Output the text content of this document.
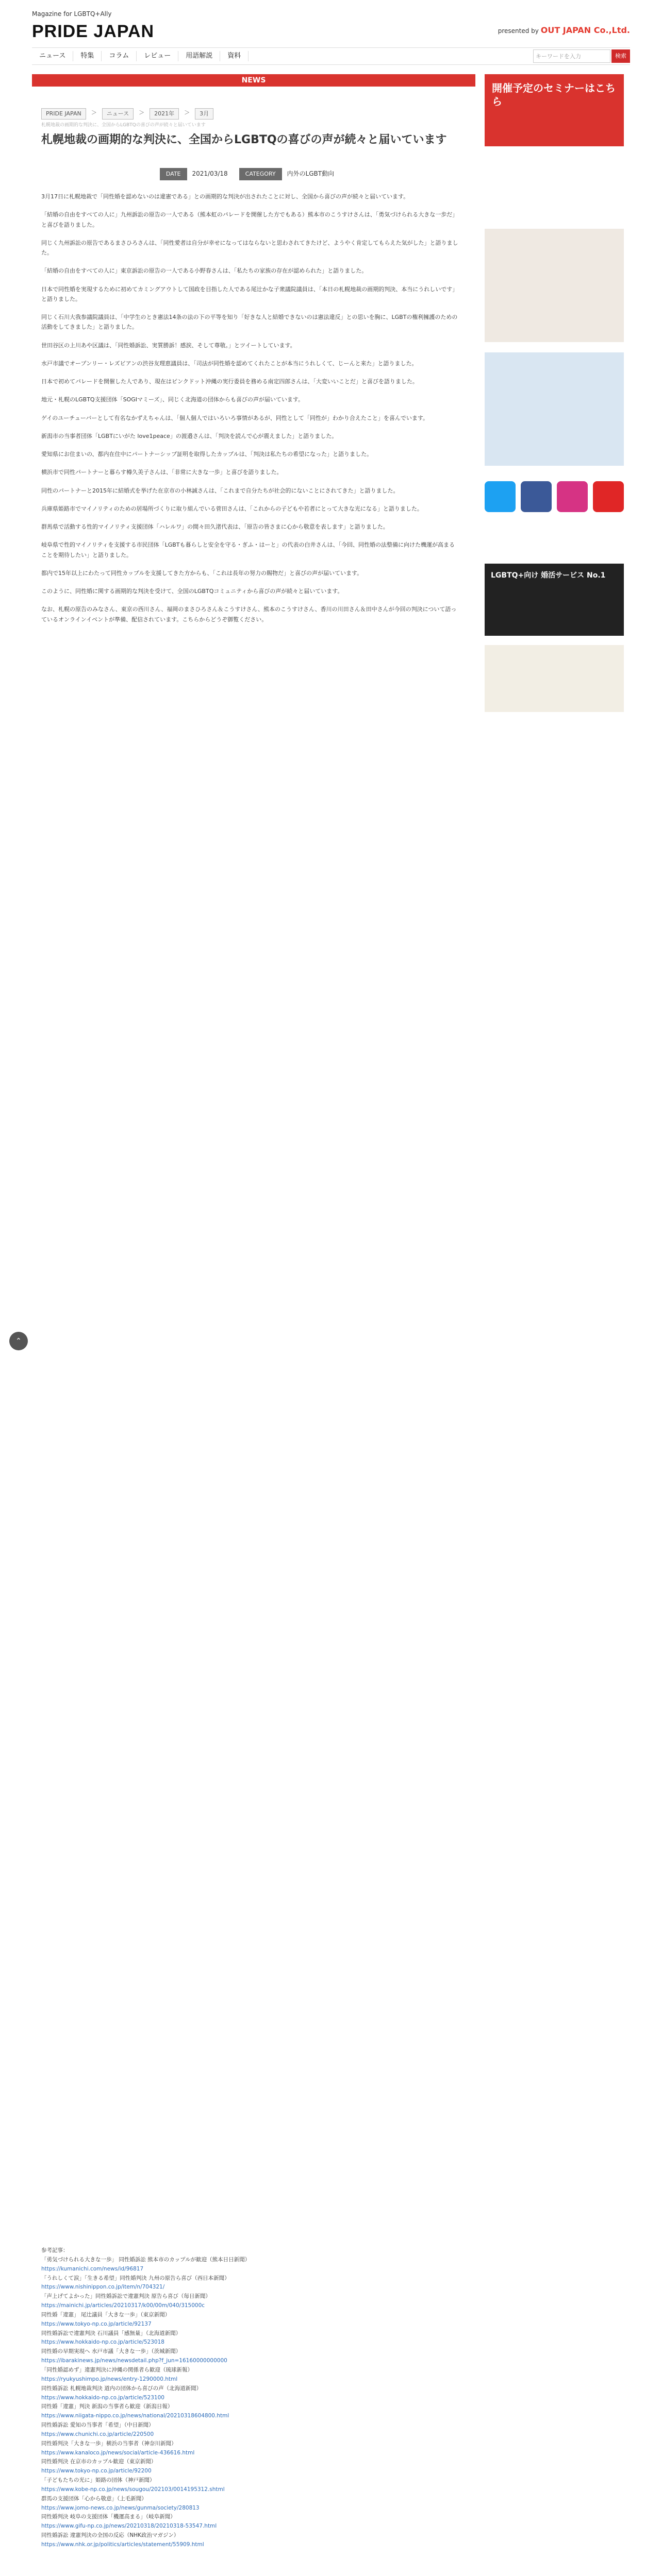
Magazine for LGBTQ+Ally
PRIDE JAPAN	presented by OUT JAPAN Co.,Ltd.
ニュース	特集	コラム	レビュー	用語解説	資料	キーワードを入力	検索
NEWS
PRIDE JAPAN	＞	ニュース	＞	2021年	＞	3月
札幌地裁の画期的な判決に、全国からLGBTQの喜びの声が続々と届いています
札幌地裁の画期的な判決に、全国からLGBTQの喜びの声が続々と届いています
DATE	2021/03/18	CATEGORY	内外のLGBT動向

3月17日に札幌地裁で「同性婚を認めないのは違憲である」との画期的な判決が出されたことに対し、全国から喜びの声が続々と届いています。

「結婚の自由をすべての人に」九州訴訟の原告の一人である（熊本虹のパレードを開催した方でもある）熊本市のこうすけさんは、「勇気づけられる大きな一歩だ」と喜びを語りました。

同じく九州訴訟の原告であるまさひろさんは、「同性愛者は自分が幸せになってはならないと思わされてきたけど、ようやく肯定してもらえた気がした」と語りました。

「結婚の自由をすべての人に」東京訴訟の原告の一人である小野春さんは、「私たちの家族の存在が認められた」と語りました。

日本で同性婚を実現するために初めてカミングアウトして国政を目指した人である尾辻かな子衆議院議員は、「本日の札幌地裁の画期的判決、本当にうれしいです」と語りました。

同じく石川大我参議院議員は、「中学生のとき憲法14条の法の下の平等を知り「好きな人と結婚できないのは憲法違反」との思いを胸に、LGBTの権利擁護のための活動をしてきました」と語りました。

世田谷区の上川あや区議は、「同性婚訴訟、実質勝訴！感涙、そして尊敬。」とツイートしています。

水戸市議でオープンリー・レズビアンの渋谷友理恵議員は、「司法が同性婚を認めてくれたことが本当にうれしくて、じーんと来た」と語りました。

日本で初めてパレードを開催した人であり、現在はピンクドット沖縄の実行委員を務める南定四郎さんは、「大変いいことだ」と喜びを語りました。

地元・札幌のLGBTQ支援団体「SOGIマミーズ」、同じく北海道の団体からも喜びの声が届いています。

ゲイのユーチューバーとして有名なかずえちゃんは、「個人個人ではいろいろ事情があるが、同性として「同性が」わかり合えたこと」を喜んでいます。

新潟市の当事者団体「LGBTにいがた love1peace」の渡邉さんは、「判決を読んで心が震えました」と語りました。

愛知県にお住まいの、都内在住中にパートナーシップ証明を取得したカップルは、「判決は私たちの希望になった」と語りました。

横浜市で同性パートナーと暮らす樽久美子さんは、「非常に大きな一歩」と喜びを語りました。

同性のパートナーと2015年に結婚式を挙げた在京市の小林誠さんは、「これまで自分たちが社会的にないことにされてきた」と語りました。

兵庫県姫路市でマイノリティのための居場所づくりに取り組んでいる菅田さんは、「これからの子どもや若者にとって大きな光になる」と語りました。

群馬県で活動する性的マイノリティ支援団体「ハレルワ」の間々田久渚代表は、「原告の皆さまに心から敬意を表します」と語りました。

岐阜県で性的マイノリティを支援する市民団体「LGBTも暮らしと安全を守る・ぎふ・はーと」の代表の白井さんは、「今回、同性婚の法整備に向けた機運が高まることを期待したい」と語りました。

都内で15年以上にわたって同性カップルを支援してきた方からも、「これは長年の努力の賜物だ」と喜びの声が届いています。

このように、同性婚に関する画期的な判決を受けて、全国のLGBTQコミュニティから喜びの声が続々と届いています。

なお、札幌の原告のみなさん、東京の西川さん、福岡のまさひろさん＆こうすけさん、熊本のこうすけさん、香川の川田さん＆田中さんが今回の判決について語っているオンラインイベントが準備、配信されています。こちらからどうぞ御覧ください。

参考記事：
「勇気づけられる大きな一歩」 同性婚訴訟 熊本市のカップルが歓迎（熊本日日新聞）
https://kumanichi.com/news/id/96817
「うれしくて涙」「生きる希望」同性婚判決 九州の原告ら喜び（西日本新聞）
https://www.nishinippon.co.jp/item/n/704321/
「声上げてよかった」同性婚訴訟で違憲判決 原告ら喜び（毎日新聞）
https://mainichi.jp/articles/20210317/k00/00m/040/315000c
同性婚「違憲」 尾辻議員「大きな一歩」（東京新聞）
https://www.tokyo-np.co.jp/article/92137
同性婚訴訟で違憲判決 石川議員「感無量」（北海道新聞）
https://www.hokkaido-np.co.jp/article/523018
同性婚の早期実現へ 水戸市議「大きな一歩」（茨城新聞）
https://ibarakinews.jp/news/newsdetail.php?f_jun=16160000000000
「同性婚認めず」違憲判決に沖縄の関係者ら歓迎（琉球新報）
https://ryukyushimpo.jp/news/entry-1290000.html
同性婚訴訟 札幌地裁判決 道内の団体から喜びの声（北海道新聞）
https://www.hokkaido-np.co.jp/article/523100
同性婚「違憲」判決 新潟の当事者ら歓迎（新潟日報）
https://www.niigata-nippo.co.jp/news/national/20210318604800.html
同性婚訴訟 愛知の当事者「希望」（中日新聞）
https://www.chunichi.co.jp/article/220500
同性婚判決「大きな一歩」横浜の当事者（神奈川新聞）
https://www.kanaloco.jp/news/social/article-436616.html
同性婚判決 在京市のカップル歓迎（東京新聞）
https://www.tokyo-np.co.jp/article/92200
「子どもたちの光に」姫路の団体（神戸新聞）
https://www.kobe-np.co.jp/news/sougou/202103/0014195312.shtml
群馬の支援団体「心から敬意」（上毛新聞）
https://www.jomo-news.co.jp/news/gunma/society/280813
同性婚判決 岐阜の支援団体「機運高まる」（岐阜新聞）
https://www.gifu-np.co.jp/news/20210318/20210318-53547.html
同性婚訴訟 違憲判決の全国の反応（NHK政治マガジン）
https://www.nhk.or.jp/politics/articles/statement/55909.html
開催予定のセミナーはこちら
LGBTQ+向け 婚活サービス No.1
⌃
